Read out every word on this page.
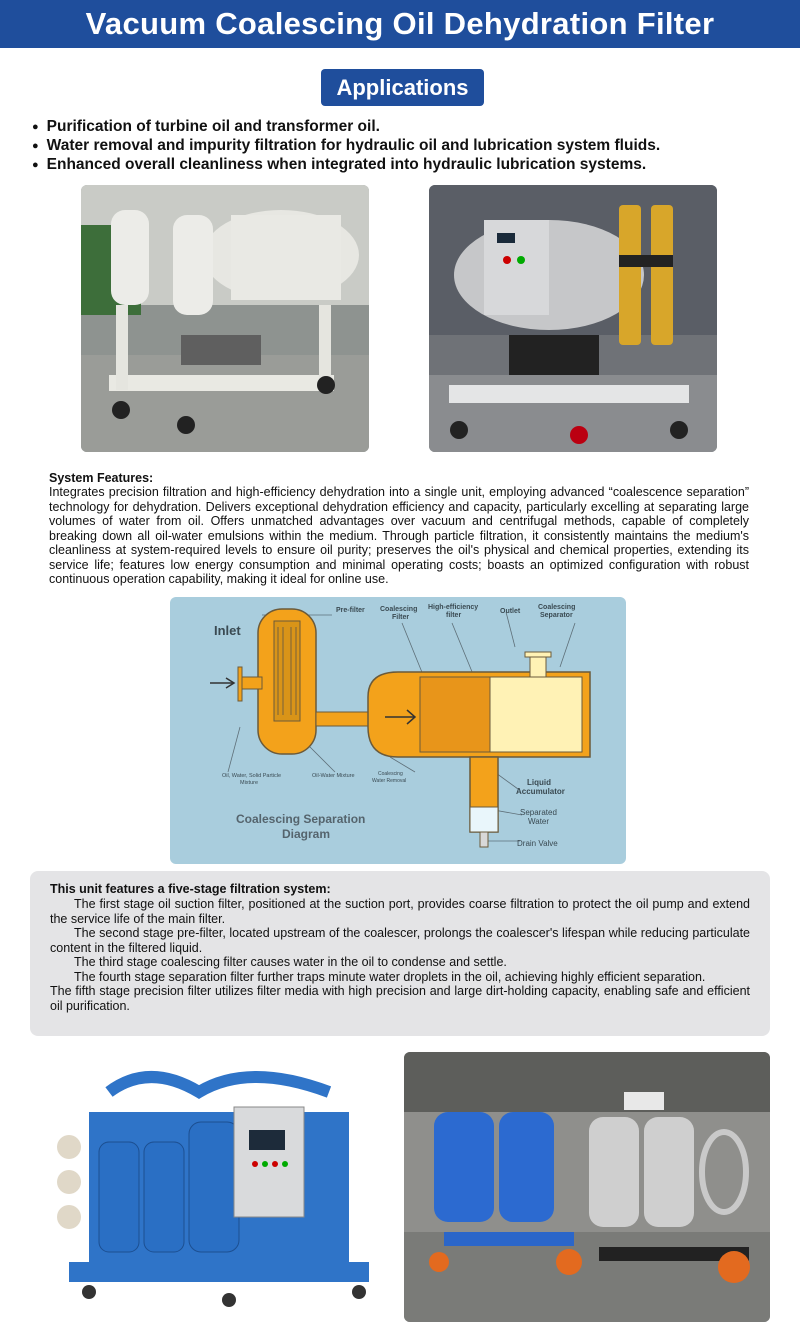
Vacuum Coalescing Oil Dehydration Filter
Applications
● Purification of turbine oil and transformer oil.
● Water removal and impurity filtration for hydraulic oil and lubrication system fluids.
● Enhanced overall cleanliness when integrated into hydraulic lubrication systems.
System Features:
Integrates precision filtration and high-efficiency dehydration into a single unit, employing advanced “coalescence separation” technology for dehydration. Delivers exceptional dehydration efficiency and capacity, particularly excelling at separating large volumes of water from oil. Offers unmatched advantages over vacuum and centrifugal methods, capable of completely breaking down all oil-water emulsions within the medium. Through particle filtration, it consistently maintains the medium's cleanliness at system-required levels to ensure oil purity; preserves the oil's physical and chemical properties, extending its service life; features low energy consumption and minimal operating costs; boasts an optimized configuration with robust continuous operation capability, making it ideal for online use.
Inlet
Pre-filter Coalescing
Filter
High-efficiency
filter
Outlet
Coalescing
Separator
Oil, Water, Solid Particle
Mixture
Oil-Water Mixture	Coalescing
Water Removal	Liquid
Accumulator
Separated
Water
Drain Valve
Coalescing Separation
Diagram
This unit features a five-stage filtration system:

The first stage oil suction filter, positioned at the suction port, provides coarse filtration to protect the oil pump and extend the service life of the main filter.

The second stage pre-filter, located upstream of the coalescer, prolongs the coalescer's lifespan while reducing particulate content in the filtered liquid.

The third stage coalescing filter causes water in the oil to condense and settle.

The fourth stage separation filter further traps minute water droplets in the oil, achieving highly efficient separation.

The fifth stage precision filter utilizes filter media with high precision and large dirt-holding capacity, enabling safe and efficient oil purification.
